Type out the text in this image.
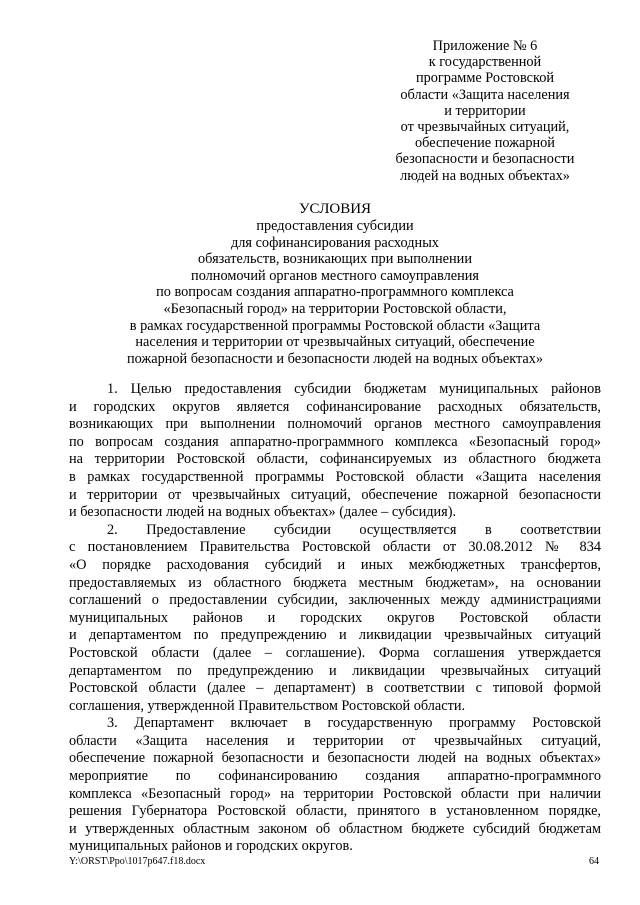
Приложение № 6
к государственной
программе Ростовской
области «Защита населения
и территории
от чрезвычайных ситуаций,
обеспечение пожарной
безопасности и безопасности
людей на водных объектах»
УСЛОВИЯ
предоставления субсидии
для софинансирования расходных
обязательств, возникающих при выполнении
полномочий органов местного самоуправления
по вопросам создания аппаратно-программного комплекса
«Безопасный город» на территории Ростовской области,
в рамках государственной программы Ростовской области «Защита
населения и территории от чрезвычайных ситуаций, обеспечение
пожарной безопасности и безопасности людей на водных объектах»
1. Целью предоставления субсидии бюджетам муниципальных районов
и городских округов является софинансирование расходных обязательств,
возникающих при выполнении полномочий органов местного самоуправления
по вопросам создания аппаратно-программного комплекса «Безопасный город»
на территории Ростовской области, софинансируемых из областного бюджета
в рамках государственной программы Ростовской области «Защита населения
и территории от чрезвычайных ситуаций, обеспечение пожарной безопасности
и безопасности людей на водных объектах» (далее – субсидия).
2. Предоставление субсидии осуществляется в соответствии
с постановлением Правительства Ростовской области от 30.08.2012 № 834
«О порядке расходования субсидий и иных межбюджетных трансфертов,
предоставляемых из областного бюджета местным бюджетам», на основании
соглашений о предоставлении субсидии, заключенных между администрациями
муниципальных районов и городских округов Ростовской области
и департаментом по предупреждению и ликвидации чрезвычайных ситуаций
Ростовской области (далее – соглашение). Форма соглашения утверждается
департаментом по предупреждению и ликвидации чрезвычайных ситуаций
Ростовской области (далее – департамент) в соответствии с типовой формой
соглашения, утвержденной Правительством Ростовской области.
3. Департамент включает в государственную программу Ростовской
области «Защита населения и территории от чрезвычайных ситуаций,
обеспечение пожарной безопасности и безопасности людей на водных объектах»
мероприятие по софинансированию создания аппаратно-программного
комплекса «Безопасный город» на территории Ростовской области при наличии
решения Губернатора Ростовской области, принятого в установленном порядке,
и утвержденных областным законом об областном бюджете субсидий бюджетам
муниципальных районов и городских округов.
Y:\ORST\Ppo\1017p647.f18.docx	64
